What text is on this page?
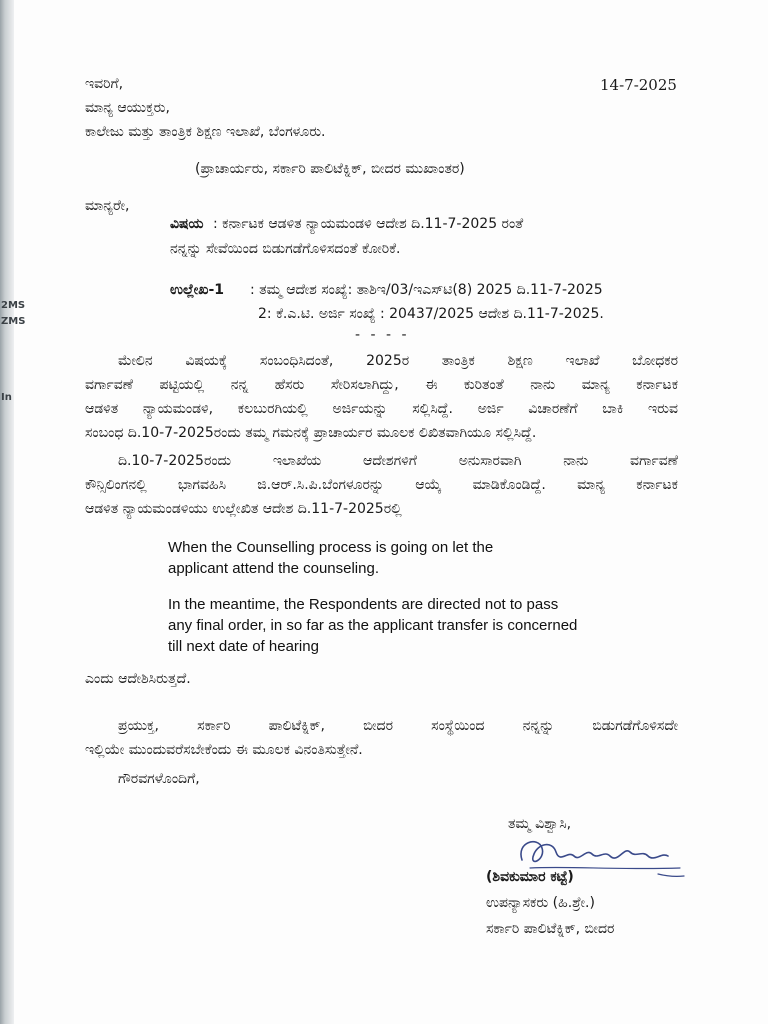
2MS
ZMS
In
ಇವರಿಗೆ,	14-7-2025
ಮಾನ್ಯ ಆಯುಕ್ತರು,
ಕಾಲೇಜು ಮತ್ತು ತಾಂತ್ರಿಕ ಶಿಕ್ಷಣ ಇಲಾಖೆ, ಬೆಂಗಳೂರು.
(ಪ್ರಾಚಾರ್ಯರು, ಸರ್ಕಾರಿ ಪಾಲಿಟೆಕ್ನಿಕ್, ಬೀದರ ಮುಖಾಂತರ)
ಮಾನ್ಯರೇ,
ವಿಷಯ : ಕರ್ನಾಟಕ ಆಡಳಿತ ನ್ಯಾಯಮಂಡಳಿ ಆದೇಶ ದಿ.11-7-2025 ರಂತೆ
ನನ್ನನ್ನು ಸೇವೆಯಿಂದ ಬಿಡುಗಡೆಗೊಳಿಸದಂತೆ ಕೋರಿಕೆ.
ಉಲ್ಲೇಖ-1 : ತಮ್ಮ ಆದೇಶ ಸಂಖ್ಯೆ: ತಾಶಿಇ/03/ಇಎಸ್‌ಟಿ(8) 2025 ದಿ.11-7-2025
2: ಕೆ.ಎ.ಟಿ. ಅರ್ಜಿ ಸಂಖ್ಯೆ : 20437/2025 ಆದೇಶ ದಿ.11-7-2025.
- - - -
ಮೇಲಿನ ವಿಷಯಕ್ಕೆ ಸಂಬಂಧಿಸಿದಂತೆ, 2025ರ ತಾಂತ್ರಿಕ ಶಿಕ್ಷಣ ಇಲಾಖೆ ಬೋಧಕರ
ವರ್ಗಾವಣೆ ಪಟ್ಟಿಯಲ್ಲಿ ನನ್ನ ಹೆಸರು ಸೇರಿಸಲಾಗಿದ್ದು, ಈ ಕುರಿತಂತೆ ನಾನು ಮಾನ್ಯ ಕರ್ನಾಟಕ
ಆಡಳಿತ ನ್ಯಾಯಮಂಡಳಿ, ಕಲಬುರಗಿಯಲ್ಲಿ ಅರ್ಜಿಯನ್ನು ಸಲ್ಲಿಸಿದ್ದೆ. ಅರ್ಜಿ ವಿಚಾರಣೆಗೆ ಬಾಕಿ ಇರುವ
ಸಂಬಂಧ ದಿ.10-7-2025ರಂದು ತಮ್ಮ ಗಮನಕ್ಕೆ ಪ್ರಾಚಾರ್ಯರ ಮೂಲಕ ಲಿಖಿತವಾಗಿಯೂ ಸಲ್ಲಿಸಿದ್ದೆ.
ದಿ.10-7-2025ರಂದು ಇಲಾಖೆಯ ಆದೇಶಗಳಿಗೆ ಅನುಸಾರವಾಗಿ ನಾನು ವರ್ಗಾವಣೆ
ಕೌನ್ಸಿಲಿಂಗನಲ್ಲಿ ಭಾಗವಹಿಸಿ ಜಿ.ಆರ್.ಸಿ.ಪಿ.ಬೆಂಗಳೂರನ್ನು ಆಯ್ಕೆ ಮಾಡಿಕೊಂಡಿದ್ದೆ. ಮಾನ್ಯ ಕರ್ನಾಟಕ
ಆಡಳಿತ ನ್ಯಾಯಮಂಡಳಿಯು ಉಲ್ಲೇಖಿತ ಆದೇಶ ದಿ.11-7-2025ರಲ್ಲಿ
When the Counselling process is going on let the applicant attend the counseling.
In the meantime, the Respondents are directed not to pass any final order, in so far as the applicant transfer is concerned till next date of hearing
ಎಂದು ಆದೇಶಿಸಿರುತ್ತದೆ.
ಪ್ರಯುಕ್ತ, ಸರ್ಕಾರಿ ಪಾಲಿಟೆಕ್ನಿಕ್, ಬೀದರ ಸಂಸ್ಥೆಯಿಂದ ನನ್ನನ್ನು ಬಿಡುಗಡೆಗೊಳಿಸದೇ
ಇಲ್ಲಿಯೇ ಮುಂದುವರೆಸಬೇಕೆಂದು ಈ ಮೂಲಕ ವಿನಂತಿಸುತ್ತೇನೆ.
ಗೌರವಗಳೊಂದಿಗೆ,
ತಮ್ಮ ವಿಶ್ವಾಸಿ,
(ಶಿವಕುಮಾರ ಕಟ್ಟೆ)
ಉಪನ್ಯಾಸಕರು (ಹಿ.ಶ್ರೇ.)
ಸರ್ಕಾರಿ ಪಾಲಿಟೆಕ್ನಿಕ್, ಬೀದರ
